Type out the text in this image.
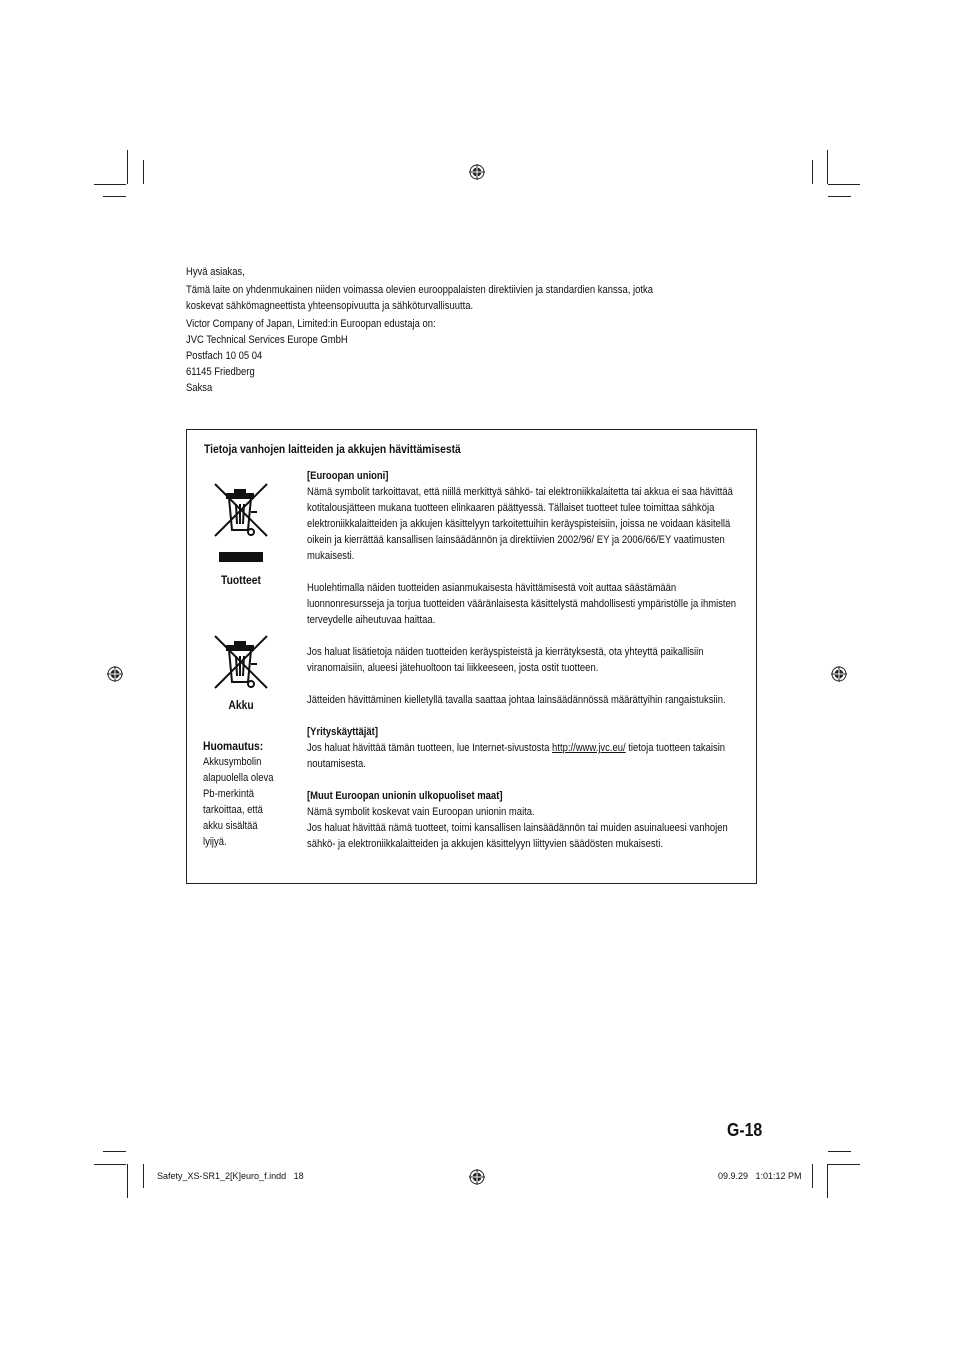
Hyvä asiakas,

Tämä laite on yhdenmukainen niiden voimassa olevien eurooppalaisten direktiivien ja standardien kanssa, jotka koskevat sähkömagneettista yhteensopivuutta ja sähköturvallisuutta.

Victor Company of Japan, Limited:in Euroopan edustaja on:

JVC Technical Services Europe GmbH

Postfach 10 05 04

61145 Friedberg

Saksa

Tietoja vanhojen laitteiden ja akkujen hävittämisestä
Tuotteet
Akku
Huomautus:
Akkusymbolin
alapuolella oleva
Pb-merkintä
tarkoittaa, että
akku sisältää
lyijyä.

[Euroopan unioni]

Nämä symbolit tarkoittavat, että niillä merkittyä sähkö- tai elektroniikkalaitetta tai akkua ei saa hävittää kotitalousjätteen mukana tuotteen elinkaaren päättyessä. Tällaiset tuotteet tulee toimittaa sähköja elektroniikkalaitteiden ja akkujen käsittelyyn tarkoitettuihin keräyspisteisiin, joissa ne voidaan käsitellä oikein ja kierrättää kansallisen lainsäädännön ja direktiivien 2002/96/ EY ja 2006/66/EY vaatimusten mukaisesti.

Huolehtimalla näiden tuotteiden asianmukaisesta hävittämisestä voit auttaa säästämään luonnonresursseja ja torjua tuotteiden vääränlaisesta käsittelystä mahdollisesti ympäristölle ja ihmisten terveydelle aiheutuvaa haittaa.

Jos haluat lisätietoja näiden tuotteiden keräyspisteistä ja kierrätyksestä, ota yhteyttä paikallisiin viranomaisiin, alueesi jätehuoltoon tai liikkeeseen, josta ostit tuotteen.

Jätteiden hävittäminen kielletyllä tavalla saattaa johtaa lainsäädännössä määrättyihin rangaistuksiin.

[Yrityskäyttäjät]

Jos haluat hävittää tämän tuotteen, lue Internet-sivustosta http://www.jvc.eu/ tietoja tuotteen takaisin noutamisesta.

[Muut Euroopan unionin ulkopuoliset maat]

Nämä symbolit koskevat vain Euroopan unionin maita.

Jos haluat hävittää nämä tuotteet, toimi kansallisen lainsäädännön tai muiden asuinalueesi vanhojen sähkö- ja elektroniikkalaitteiden ja akkujen käsittelyyn liittyvien säädösten mukaisesti.

G-18
Safety_XS-SR1_2[K]euro_f.indd   18	09.9.29   1:01:12 PM
